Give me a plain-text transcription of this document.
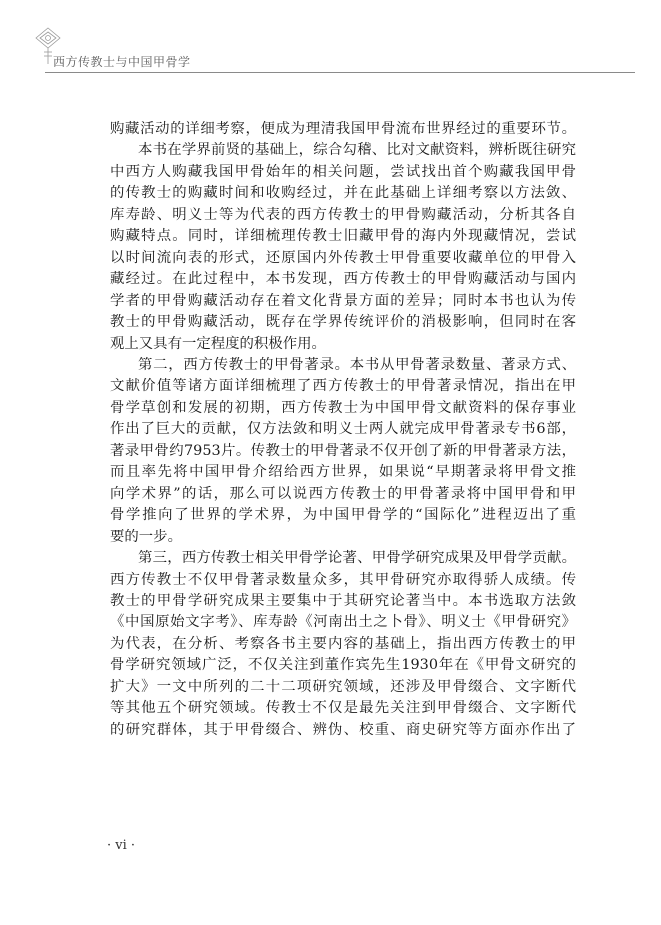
西方传教士与中国甲骨学

购藏活动的详细考察，便成为理清我国甲骨流布世界经过的重要环节。
本书在学界前贤的基础上，综合勾稽、比对文献资料，辨析既往研究
中西方人购藏我国甲骨始年的相关问题，尝试找出首个购藏我国甲骨
的传教士的购藏时间和收购经过，并在此基础上详细考察以方法敛、
库寿龄、明义士等为代表的西方传教士的甲骨购藏活动，分析其各自
购藏特点。同时，详细梳理传教士旧藏甲骨的海内外现藏情况，尝试
以时间流向表的形式，还原国内外传教士甲骨重要收藏单位的甲骨入
藏经过。在此过程中，本书发现，西方传教士的甲骨购藏活动与国内
学者的甲骨购藏活动存在着文化背景方面的差异；同时本书也认为传
教士的甲骨购藏活动，既存在学界传统评价的消极影响，但同时在客
观上又具有一定程度的积极作用。

第二，西方传教士的甲骨著录。本书从甲骨著录数量、著录方式、
文献价值等诸方面详细梳理了西方传教士的甲骨著录情况，指出在甲
骨学草创和发展的初期，西方传教士为中国甲骨文献资料的保存事业
作出了巨大的贡献，仅方法敛和明义士两人就完成甲骨著录专书6部，
著录甲骨约7953片。传教士的甲骨著录不仅开创了新的甲骨著录方法，
而且率先将中国甲骨介绍给西方世界，如果说“早期著录将甲骨文推
向学术界”的话，那么可以说西方传教士的甲骨著录将中国甲骨和甲
骨学推向了世界的学术界，为中国甲骨学的“国际化”进程迈出了重
要的一步。

第三，西方传教士相关甲骨学论著、甲骨学研究成果及甲骨学贡献。
西方传教士不仅甲骨著录数量众多，其甲骨研究亦取得骄人成绩。传
教士的甲骨学研究成果主要集中于其研究论著当中。本书选取方法敛
《中国原始文字考》、库寿龄《河南出土之卜骨》、明义士《甲骨研究》
为代表，在分析、考察各书主要内容的基础上，指出西方传教士的甲
骨学研究领域广泛，不仅关注到董作宾先生1930年在《甲骨文研究的
扩大》一文中所列的二十二项研究领域，还涉及甲骨缀合、文字断代
等其他五个研究领域。传教士不仅是最先关注到甲骨缀合、文字断代
的研究群体，其于甲骨缀合、辨伪、校重、商史研究等方面亦作出了

· vi ·
